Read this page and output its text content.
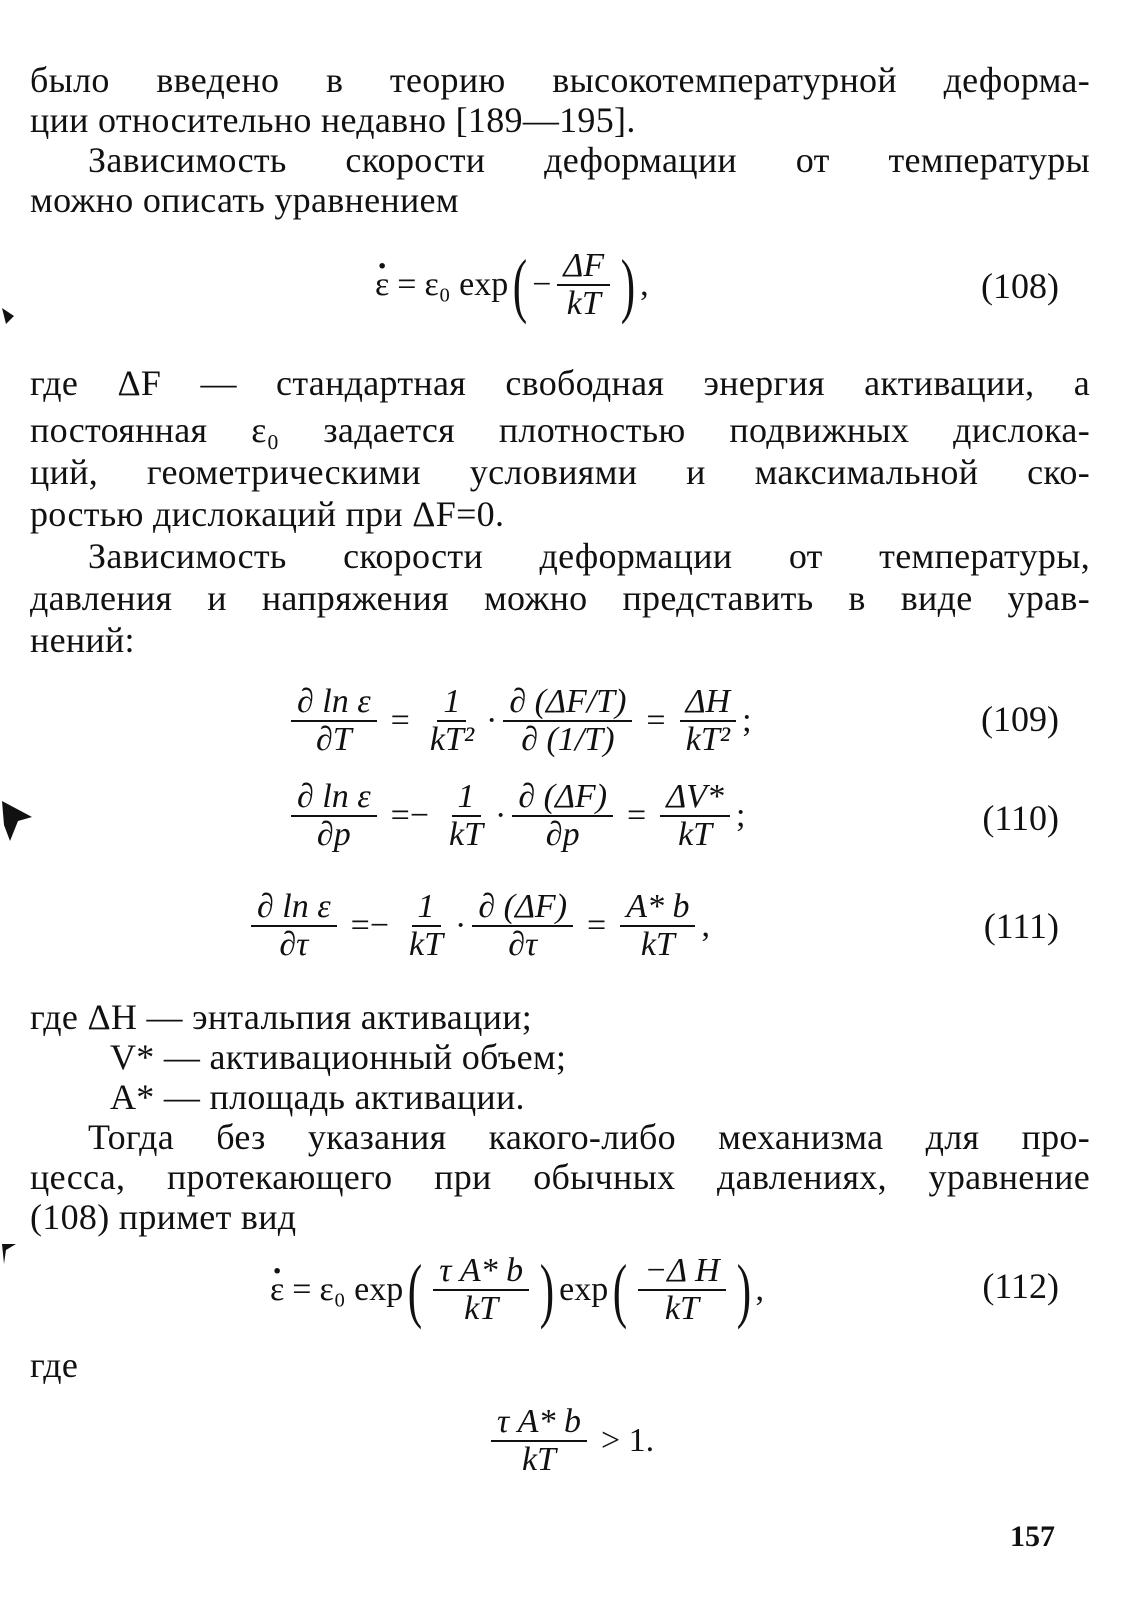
было введено в теорию высокотемпературной деформа-
ции относительно недавно [189—195].
Зависимость скорости деформации от температуры
можно описать уравнением
· ε = ε₀ exp ( − $\frac{\Delta F}{kT}$ ) ,	(108)
где ΔF — стандартная свободная энергия активации, а
постоянная ε₀ задается плотностью подвижных дислока-
ций, геометрическими условиями и максимальной ско-
ростью дислокаций при ΔF=0.
Зависимость скорости деформации от температуры,
давления и напряжения можно представить в виде урав-
нений:
$\frac{\text{∂ ln ε}}{\partial T} = \frac{1}{\text{kT²}} \cdot \frac{\partial (\Delta F/T)}{\partial (1/T)} = \frac{\Delta H}{\text{kT²}}$ ;	(109)
$\frac{\text{∂ ln ε}}{\partial p} =- \frac{1}{kT} \cdot \frac{\partial (\Delta F)}{\partial p} = \frac{\Delta V*}{kT}$ ;	(110)
$\frac{\text{∂ ln ε}}{\partial\tau} =- \frac{1}{kT} \cdot \frac{\partial (\Delta F)}{\partial\tau} = \frac{A* b}{kT}$ ,	(111)
где ΔH — энтальпия активации;
V* — активационный объем;
A* — площадь активации.
Тогда без указания какого-либо механизма для про-
цесса, протекающего при обычных давлениях, уравнение
(108) примет вид
· ε = ε₀ exp ( $\frac{\text{τ A* b}}{kT}$ ) exp ( $\frac{\text{−Δ H}}{kT}$ ) ,	(112)
где
$\frac{\text{τ A* b}}{kT} > 1$.
157
